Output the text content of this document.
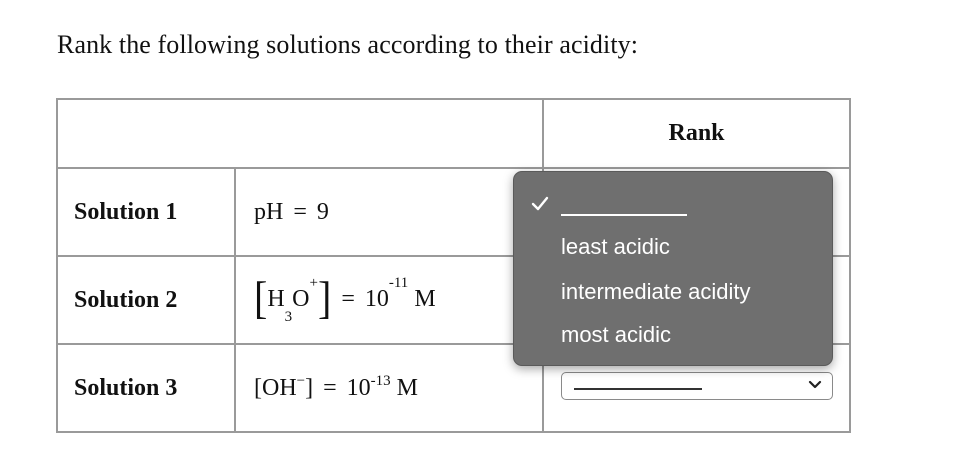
Rank the following solutions according to their acidity:
		Rank
Solution 1	pH = 9	
Solution 2	$[H3O^+] = 10^{-11}$ M	
Solution 3	$[OH^-] = 10^{-13}$ M	
least acidic
intermediate acidity
most acidic
